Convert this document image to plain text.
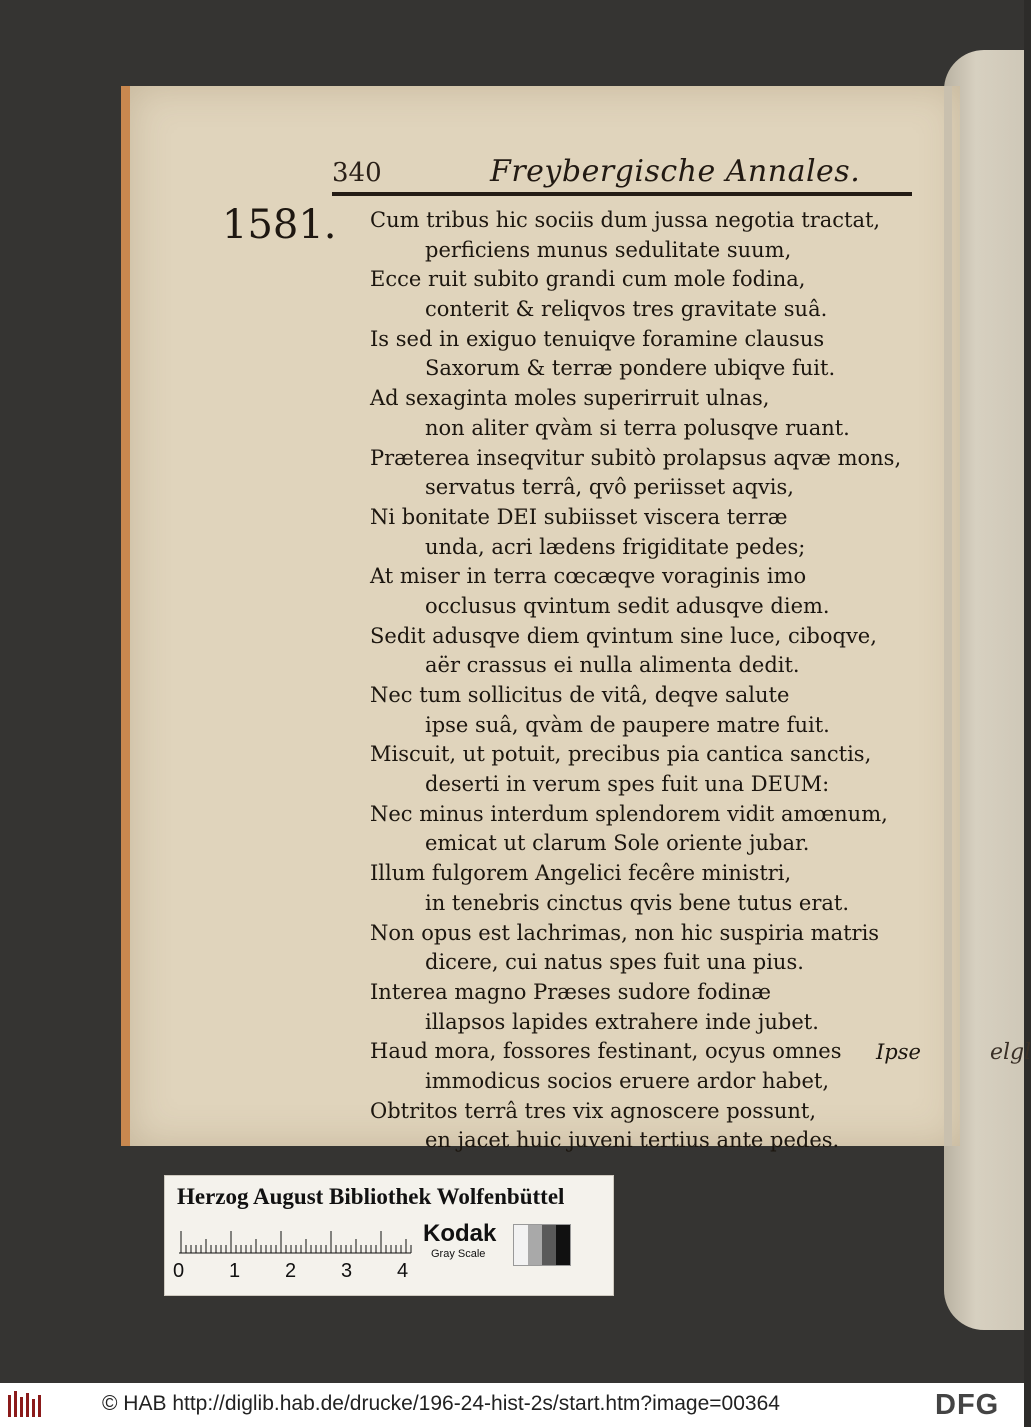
elgl
340	Freybergische Annales.
1581. Cum tribus hic sociis dum jussa negotia tractat,
perficiens munus sedulitate suum,
Ecce ruit subito grandi cum mole fodina,
conterit & reliqvos tres gravitate suâ.
Is sed in exiguo tenuiqve foramine clausus
Saxorum & terræ pondere ubiqve fuit.
Ad sexaginta moles superirruit ulnas,
non aliter qvàm si terra polusqve ruant.
Præterea inseqvitur subitò prolapsus aqvæ mons,
servatus terrâ, qvô periisset aqvis,
Ni bonitate DEI subiisset viscera terræ
unda, acri lædens frigiditate pedes;
At miser in terra cœcæqve voraginis imo
occlusus qvintum sedit adusqve diem.
Sedit adusqve diem qvintum sine luce, ciboqve,
aër crassus ei nulla alimenta dedit.
Nec tum sollicitus de vitâ, deqve salute
ipse suâ, qvàm de paupere matre fuit.
Miscuit, ut potuit, precibus pia cantica sanctis,
deserti in verum spes fuit una DEUM:
Nec minus interdum splendorem vidit amœnum,
emicat ut clarum Sole oriente jubar.
Illum fulgorem Angelici fecêre ministri,
in tenebris cinctus qvis bene tutus erat.
Non opus est lachrimas, non hic suspiria matris
dicere, cui natus spes fuit una pius.
Interea magno Præses sudore fodinæ
illapsos lapides extrahere inde jubet.
Haud mora, fossores festinant, ocyus omnes
immodicus socios eruere ardor habet,
Obtritos terrâ tres vix agnoscere possunt,
en jacet huic juveni tertius ante pedes.
Ipse
Herzog August Bibliothek Wolfenbüttel
0 1 2 3 4
Kodak
Gray Scale
© HAB http://diglib.hab.de/drucke/196-24-hist-2s/start.htm?image=00364	DFG
